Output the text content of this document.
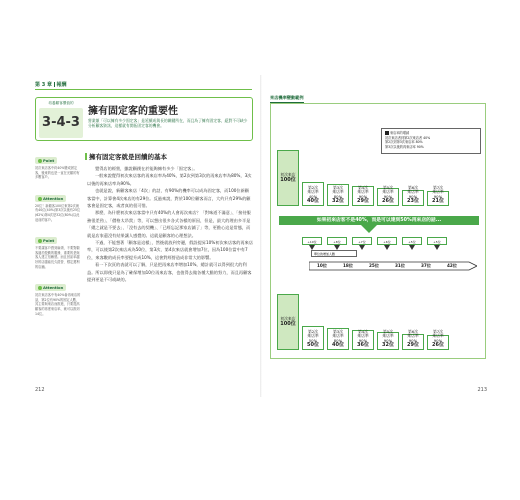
第 3 章 報酬
培養顧客價值的
3-4-3
擁有固定客的重要性
營業額「可以擁有多少固定客」是延續成與長的關鍵所在，而且為了擁有固定客，絕對不可缺少分析顧客資訊，這樣就有開拓固定客的機會。
Point
初次來店客中約40%變成固定客，後來的也是一直在光顧的有多數客戶。
Attention
20位！新顧客100位來第2次就有40位(40%)第3次以後有25位(62%)第4次是32位(80%)以此這前的客戶。
Point
不要讓客戶感到麻煩，不要對顧客過於殷勤的服務，重要的是與客人建立信賴感。而且回訪率越好的店越能長久經營、穩定獲利的店舖。
Attention
初次來店客中有40%會再來店的話，第2位有90%的固定人數，其主要與來店而推進，只要提高顧客的再度來店率，就可以推到14位。
擁有固定客就是回饋的基本

覺得店的經營，雖說顧錢在於能夠擁有多少「固定客」。

一般來說覺得初次來店客的再來店率為40%，第2次到第3次的再來店率為80%，3次以後的再來店率為90%。

也就是說，新顧客來店「4次」的話，有90%的機率可以成為固定客，而100位新顧客當中，計算會4次來店的有29位。反過來說，對於100位顧客而言，大約只有29%的顧客會是固定客，或者真的很可惜。

那麼，為什麼初次來店客當中只有40%的人會再次來店？「對味道不滿意」、「接待服務很差勁」、「價格太昂貴」等，可以想出很多各式各樣的原因，但是，最大的理由多半是「總之就是不要去」、「沒有去的契機」、「已經忘記那家店鋪了」等，更擔心這是常態，而就是店家還沒有結果讓人感覺的。這就是顧客的心理想法。

不過，不能想著「顧客是這樣」，然後就放到旁邊，假設提昇10%初次來店客的再來店率，可以使第2次來店成為50位，第3次、第4次來店就會增加7位，因為100位當中有7位，來客數的成長率要提升成10%，這會對經營造成非常大的影響。

看一下次頁的表就可以了解，只是把再來店率增加10%，總計就可以得到很大的利益。所以即使只是為了確保增加10位再來店客，也值得去做各種大膽的努力，而且再顧客提到更是不可或缺的。

212
來店機率變動範例
來店率的增減
初次來店者到第2次來店者 40%
第2次到第3次來店率 80%
第3次以後的再來店率 90%
如果初來店客不是40%，而是可以達到50%再來店的話...
單位的增加人數
10位	18位	25位	31位	37位	42位
初次來店
100位
第2次
來店率
40%
40位
第3次
來店率
80%
32位
第4次
來店率
90%
29位
第5次
來店率
90%
26位
第6次
來店率
90%
23位
第7次
來店率
90%
21位
初次來店
100位
第2次
來店率
50%
50位
第3次
來店率
80%
40位
第4次
來店率
90%
36位
第5次
來店率
90%
32位
第6次
來店率
90%
29位
第7次
來店率
90%
26位
+10位	+8位	+7位	+6位	+5位	+5位
213
